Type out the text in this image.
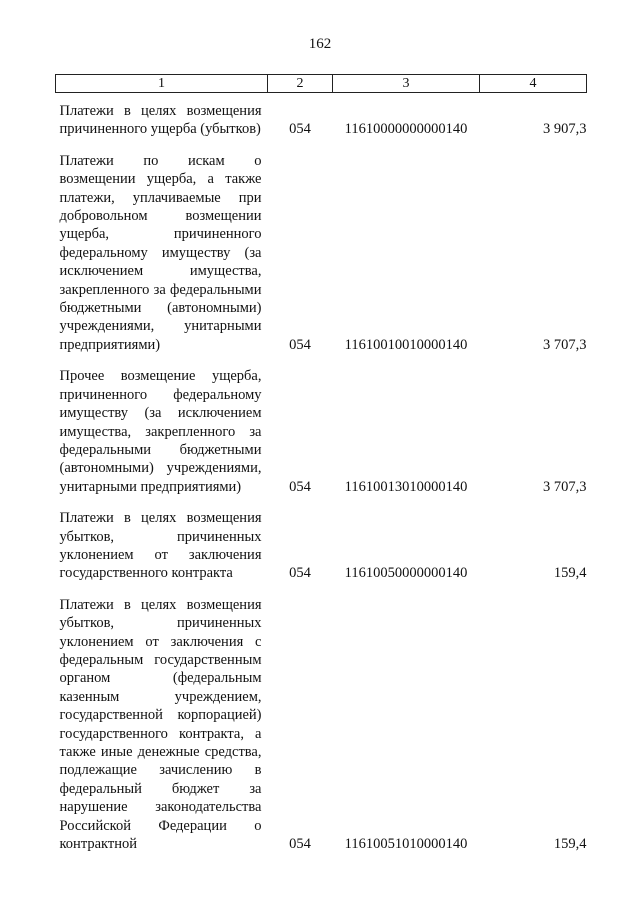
162
1	2	3	4
Платежи в целях возмещения причиненного ущерба (убытков)	054	11610000000000140	3 907,3
Платежи по искам о возмещении ущерба, а также платежи, уплачиваемые при добровольном возмещении ущерба, причиненного федеральному имуществу (за исключением имущества, закрепленного за федеральными бюджетными (автономными) учреждениями, унитарными предприятиями)	054	11610010010000140	3 707,3
Прочее возмещение ущерба, причиненного федеральному имуществу (за исключением имущества, закрепленного за федеральными бюджетными (автономными) учреждениями, унитарными предприятиями)	054	11610013010000140	3 707,3
Платежи в целях возмещения убытков, причиненных уклонением от заключения государственного контракта	054	11610050000000140	159,4
Платежи в целях возмещения убытков, причиненных уклонением от заключения с федеральным государственным органом (федеральным казенным учреждением, государственной корпорацией) государственного контракта, а также иные денежные средства, подлежащие зачислению в федеральный бюджет за нарушение законодательства Российской Федерации о контрактной	054	11610051010000140	159,4
